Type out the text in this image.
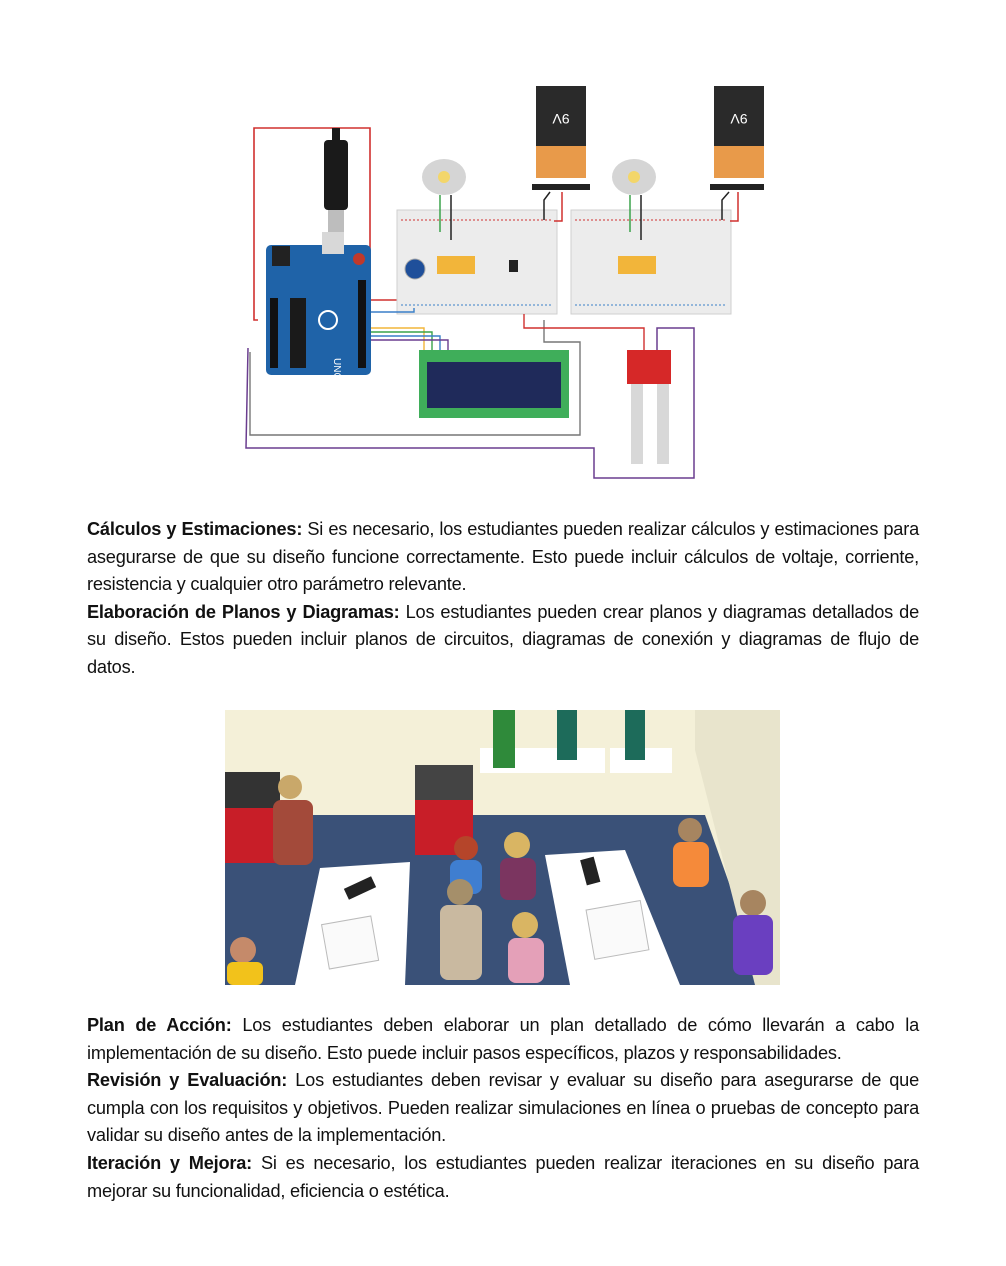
UNO
9V	9V

Cálculos y Estimaciones: Si es necesario, los estudiantes pueden realizar cálculos y estimaciones para asegurarse de que su diseño funcione correctamente. Esto puede incluir cálculos de voltaje, corriente, resistencia y cualquier otro parámetro relevante.

Elaboración de Planos y Diagramas: Los estudiantes pueden crear planos y diagramas detallados de su diseño. Estos pueden incluir planos de circuitos, diagramas de conexión y diagramas de flujo de datos.

Plan de Acción: Los estudiantes deben elaborar un plan detallado de cómo llevarán a cabo la implementación de su diseño. Esto puede incluir pasos específicos, plazos y responsabilidades.

Revisión y Evaluación: Los estudiantes deben revisar y evaluar su diseño para asegurarse de que cumpla con los requisitos y objetivos. Pueden realizar simulaciones en línea o pruebas de concepto para validar su diseño antes de la implementación.

Iteración y Mejora: Si es necesario, los estudiantes pueden realizar iteraciones en su diseño para mejorar su funcionalidad, eficiencia o estética.
